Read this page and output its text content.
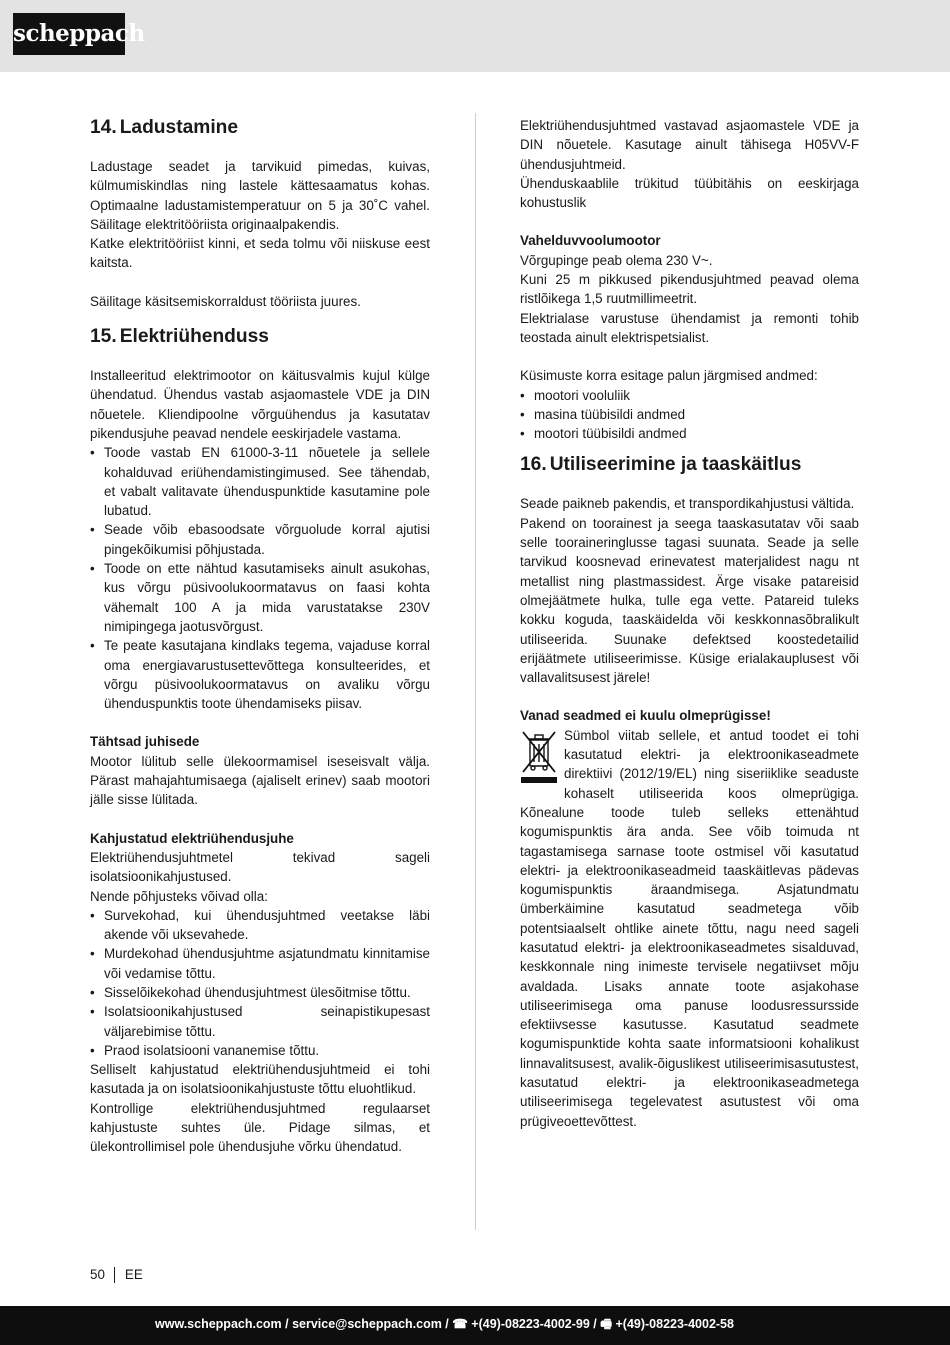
scheppach
14. Ladustamine

Ladustage seadet ja tarvikuid pimedas, kuivas, külmumiskindlas ning lastele kättesaamatus kohas. Optimaalne ladustamistemperatuur on 5 ja 30˚C vahel. Säilitage elektritööriista originaalpakendis.

Katke elektritööriist kinni, et seda tolmu või niiskuse eest kaitsta.

Säilitage käsitsemiskorraldust tööriista juures.

15. Elektriühenduss

Installeeritud elektrimootor on käitusvalmis kujul külge ühendatud. Ühendus vastab asjaomastele VDE ja DIN nõuetele. Kliendipoolne võrguühendus ja kasutatav pikendusjuhe peavad nendele eeskirjadele vastama.

• Toode vastab EN 61000-3-11 nõuetele ja sellele kohalduvad eriühendamistingimused. See tähendab, et vabalt valitavate ühenduspunktide kasutamine pole lubatud.
• Seade võib ebasoodsate võrguolude korral ajutisi pingekõikumisi põhjustada.
• Toode on ette nähtud kasutamiseks ainult asukohas, kus võrgu püsivoolukoormatavus on faasi kohta vähemalt 100 A ja mida varustatakse 230V nimipingega jaotusvõrgust.
• Te peate kasutajana kindlaks tegema, vajaduse korral oma energiavarustusettevõttega konsulteerides, et võrgu püsivoolukoormatavus on avaliku võrgu ühenduspunktis toote ühendamiseks piisav.

Tähtsad juhisede

Mootor lülitub selle ülekoormamisel iseseisvalt välja. Pärast mahajahtumisaega (ajaliselt erinev) saab mootori jälle sisse lülitada.

Kahjustatud elektriühendusjuhe

Elektriühendusjuhtmetel tekivad sageli isolatsioonikahjustused.

Nende põhjusteks võivad olla:

• Survekohad, kui ühendusjuhtmed veetakse läbi akende või uksevahede.
• Murdekohad ühendusjuhtme asjatundmatu kinnitamise või vedamise tõttu.
• Sisselõikekohad ühendusjuhtmest ülesõitmise tõttu.
• Isolatsioonikahjustused seinapistikupesast väljarebimise tõttu.
• Praod isolatsiooni vananemise tõttu.

Selliselt kahjustatud elektriühendusjuhtmeid ei tohi kasutada ja on isolatsioonikahjustuste tõttu eluohtlikud.

Kontrollige elektriühendusjuhtmed regulaarset kahjustuste suhtes üle. Pidage silmas, et ülekontrollimisel pole ühendusjuhe võrku ühendatud.

Elektriühendusjuhtmed vastavad asjaomastele VDE ja DIN nõuetele. Kasutage ainult tähisega H05VV-F ühendusjuhtmeid.

Ühenduskaablile trükitud tüübitähis on eeskirjaga kohustuslik

Vahelduvvoolumootor

Võrgupinge peab olema 230 V~.

Kuni 25 m pikkused pikendusjuhtmed peavad olema ristlõikega 1,5 ruutmillimeetrit.

Elektrialase varustuse ühendamist ja remonti tohib teostada ainult elektrispetsialist.

Küsimuste korra esitage palun järgmised andmed:

• mootori vooluliik
• masina tüübisildi andmed
• mootori tüübisildi andmed
16. Utiliseerimine ja taaskäitlus

Seade paikneb pakendis, et transpordikahjustusi vältida.

Pakend on toorainest ja seega taaskasutatav või saab selle tooraineringlusse tagasi suunata. Seade ja selle tarvikud koosnevad erinevatest materjalidest nagu nt metallist ning plastmassidest. Ärge visake patareisid olmejäätmete hulka, tulle ega vette. Patareid tuleks kokku koguda, taaskäidelda või keskkonnasõbralikult utiliseerida. Suunake defektsed koostedetailid erijäätmete utiliseerimisse. Küsige erialakauplusest või vallavalitsusest järele!

Vanad seadmed ei kuulu olmeprügisse!

Sümbol viitab sellele, et antud toodet ei tohi kasutatud elektri- ja elektroonikaseadmete direktiivi (2012/19/EL) ning siseriiklike seaduste kohaselt utiliseerida koos olmeprügiga. Kõnealune toode tuleb selleks ettenähtud kogumispunktis ära anda. See võib toimuda nt tagastamisega sarnase toote ostmisel või kasutatud elektri- ja elektroonikaseadmeid taaskäitlevas pädevas kogumispunktis äraandmisega. Asjatundmatu ümberkäimine kasutatud seadmetega võib potentsiaalselt ohtlike ainete tõttu, nagu need sageli kasutatud elektri- ja elektroonikaseadmetes sisalduvad, keskkonnale ning inimeste tervisele negatiivset mõju avaldada. Lisaks annate toote asjakohase utiliseerimisega oma panuse loodusressursside efektiivsesse kasutusse. Kasutatud seadmete kogumispunktide kohta saate informatsiooni kohalikust linnavalitsusest, avalik-õiguslikest utiliseerimisasutustest, kasutatud elektri- ja elektroonikaseadmetega utiliseerimisega tegelevatest asutustest või oma prügiveoettevõttest.

50 EE
www.scheppach.com / service@scheppach.com / ☎ +(49)-08223-4002-99 / 🖷 +(49)-08223-4002-58
